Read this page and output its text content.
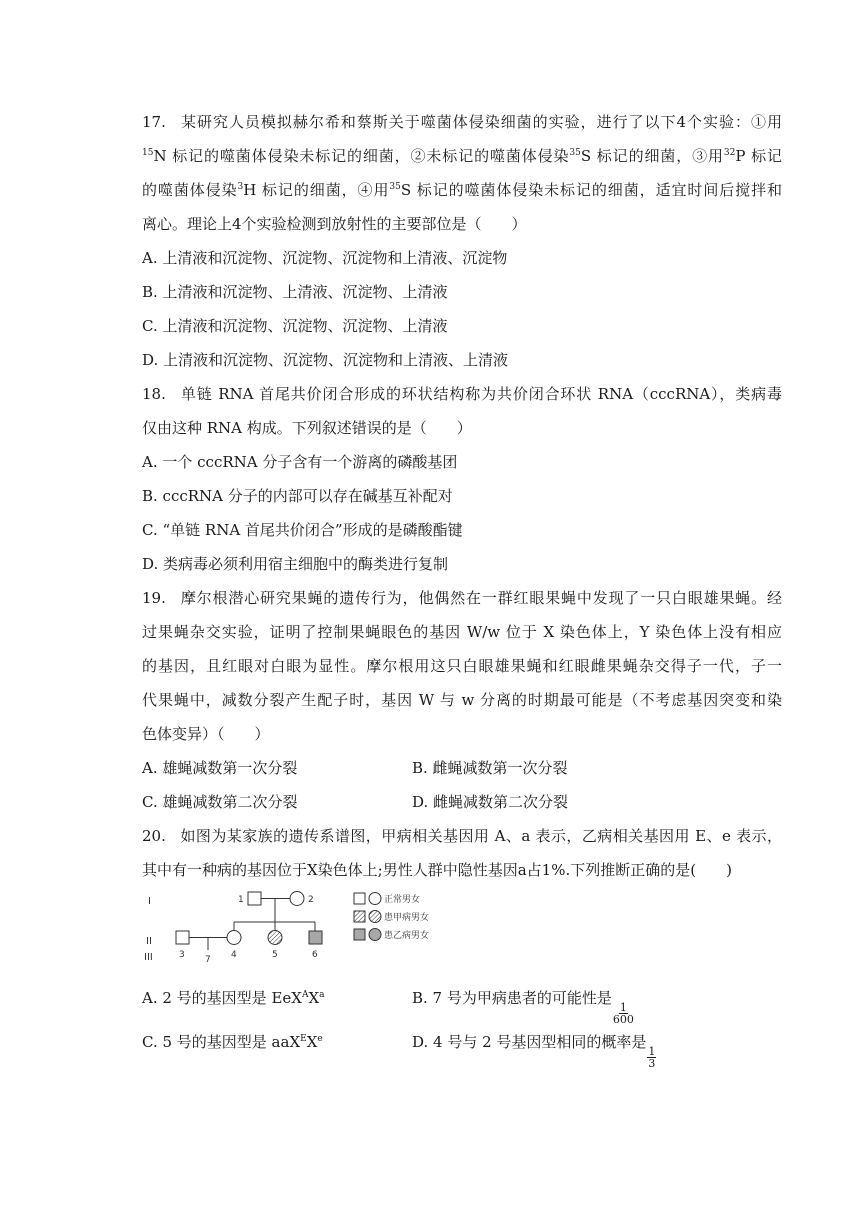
17. 某研究人员模拟赫尔希和蔡斯关于噬菌体侵染细菌的实验，进行了以下4个实验：①用
$^{15}$N 标记的噬菌体侵染未标记的细菌，②未标记的噬菌体侵染$^{35}$S 标记的细菌，③用$^{32}$P 标记
的噬菌体侵染$^3$H 标记的细菌，④用$^{35}$S 标记的噬菌体侵染未标记的细菌，适宜时间后搅拌和
离心。理论上4个实验检测到放射性的主要部位是（　　）
A. 上清液和沉淀物、沉淀物、沉淀物和上清液、沉淀物
B. 上清液和沉淀物、上清液、沉淀物、上清液
C. 上清液和沉淀物、沉淀物、沉淀物、上清液
D. 上清液和沉淀物、沉淀物、沉淀物和上清液、上清液
18. 单链 RNA 首尾共价闭合形成的环状结构称为共价闭合环状 RNA（cccRNA），类病毒
仅由这种 RNA 构成。下列叙述错误的是（　　）
A. 一个 cccRNA 分子含有一个游离的磷酸基团
B. cccRNA 分子的内部可以存在碱基互补配对
C. “单链 RNA 首尾共价闭合”形成的是磷酸酯键
D. 类病毒必须利用宿主细胞中的酶类进行复制
19. 摩尔根潜心研究果蝇的遗传行为，他偶然在一群红眼果蝇中发现了一只白眼雄果蝇。经
过果蝇杂交实验，证明了控制果蝇眼色的基因 W/w 位于 X 染色体上，Y 染色体上没有相应
的基因，且红眼对白眼为显性。摩尔根用这只白眼雄果蝇和红眼雌果蝇杂交得子一代，子一
代果蝇中，减数分裂产生配子时，基因 W 与 w 分离的时期最可能是（不考虑基因突变和染
色体变异）（　　）
A. 雄蝇减数第一次分裂	B. 雌蝇减数第一次分裂
C. 雄蝇减数第二次分裂	D. 雌蝇减数第二次分裂
20. 如图为某家族的遗传系谱图，甲病相关基因用 A、a 表示，乙病相关基因用 E、e 表示，
其中有一种病的基因位于X染色体上;男性人群中隐性基因a占1%.下列推断正确的是(　　)
I
II
III
1	2
3 7 4	5	6
正常男女
患甲病男女
患乙病男女
A. 2 号的基因型是 $EeX^AX^a$	B. 7 号为甲病患者的可能性是
$\frac{1}{600}$
C. 5 号的基因型是 aaX$^E$Xe	D. 4 号与 2 号基因型相同的概率是
$\frac{1}{3}$
